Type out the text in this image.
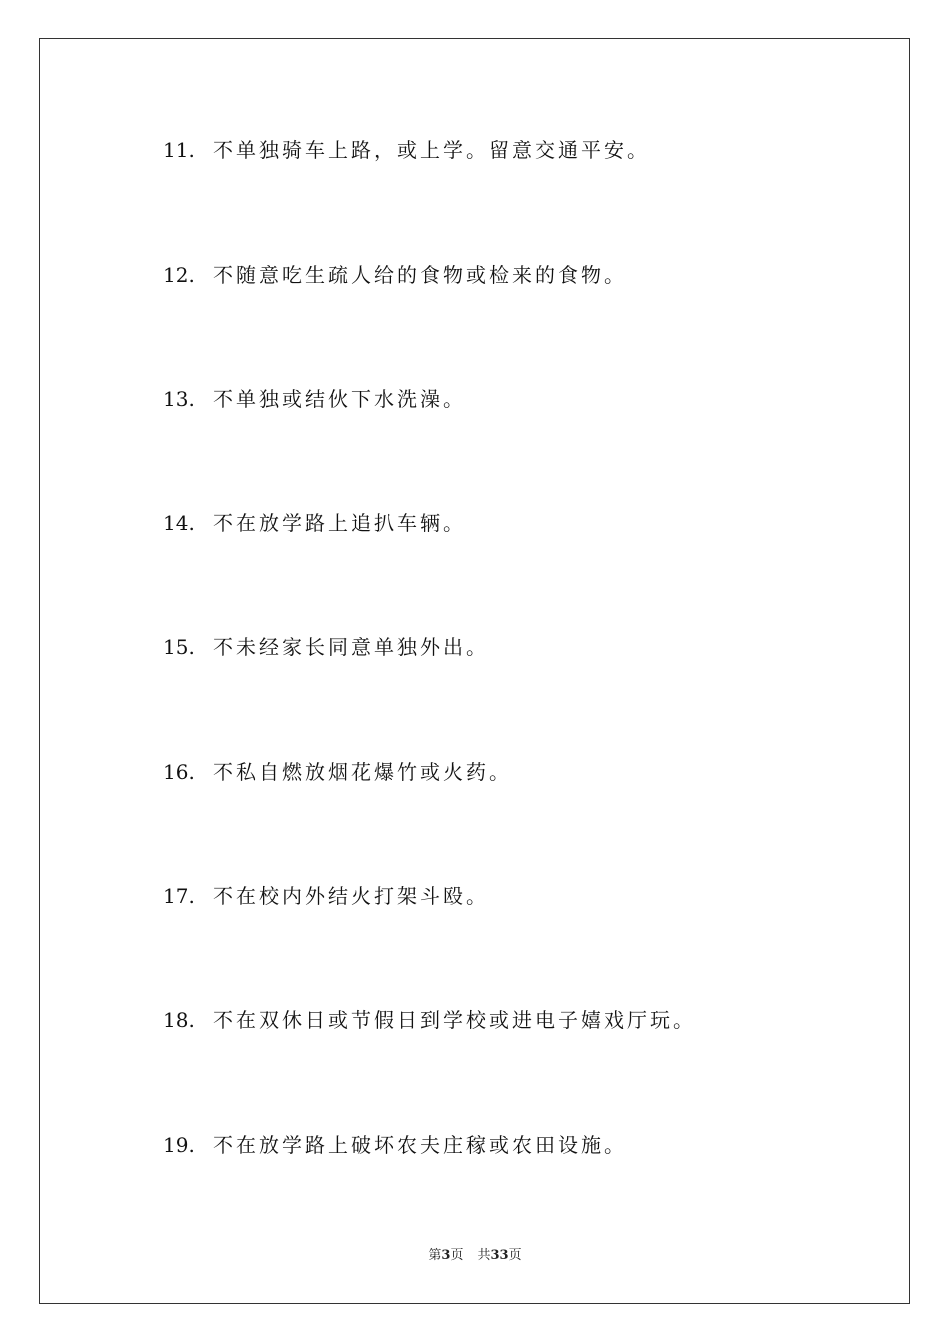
11. 不单独骑车上路，或上学。留意交通平安。
12. 不随意吃生疏人给的食物或检来的食物。
13. 不单独或结伙下水洗澡。
14. 不在放学路上追扒车辆。
15. 不未经家长同意单独外出。
16. 不私自燃放烟花爆竹或火药。
17. 不在校内外结火打架斗殴。
18. 不在双休日或节假日到学校或进电子嬉戏厅玩。
19. 不在放学路上破坏农夫庄稼或农田设施。
第3页 共33页
